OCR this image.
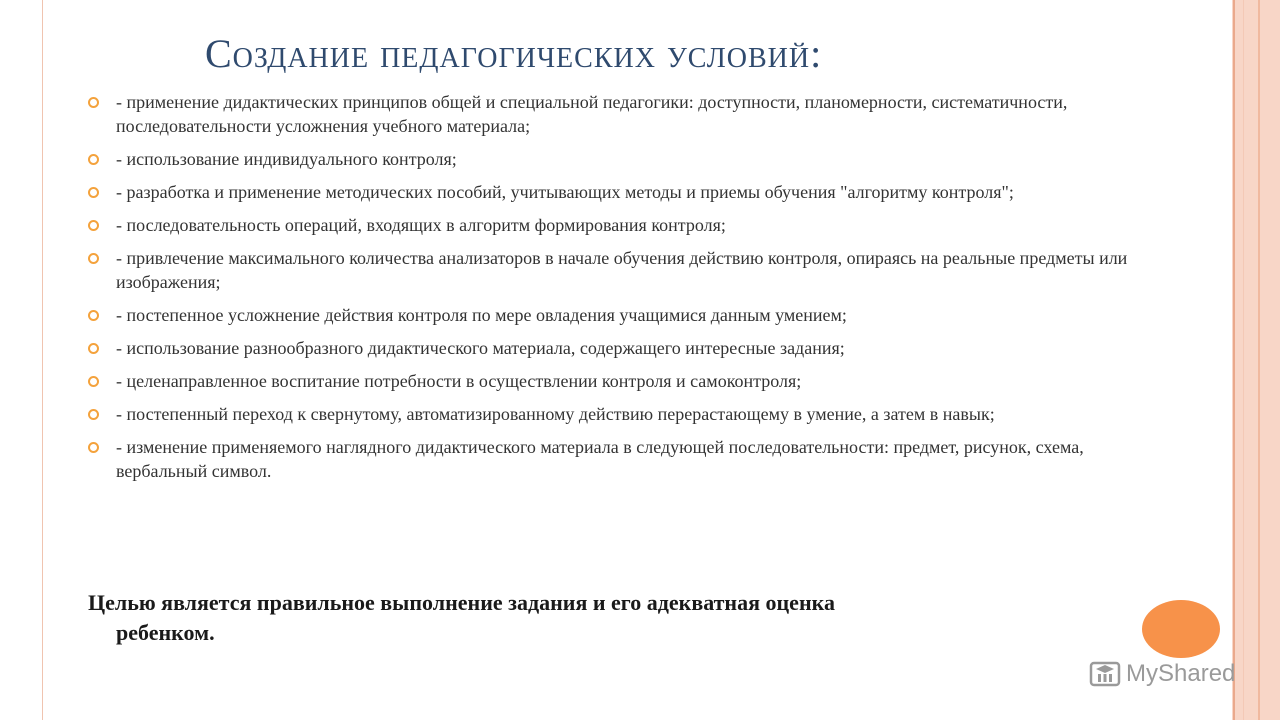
Создание педагогических условий:
- применение дидактических принципов общей и специальной педагогики: доступности, планомерности, систематичности, последовательности усложнения учебного материала;
- использование индивидуального контроля;
- разработка и применение методических пособий, учитывающих методы и приемы обучения "алгоритму контроля";
- последовательность операций, входящих в алгоритм формирования контроля;
- привлечение максимального количества анализаторов в начале обучения действию контроля, опираясь на реальные предметы или изображения;
- постепенное усложнение действия контроля по мере овладения учащимися данным умением;
- использование разнообразного дидактического материала, содержащего интересные задания;
- целенаправленное воспитание потребности в осуществлении контроля и самоконтроля;
- постепенный переход к свернутому, автоматизированному действию перерастающему в умение, а затем в навык;
- изменение применяемого наглядного дидактического материала в следующей последовательности: предмет, рисунок, схема, вербальный символ.
Целью является правильное выполнение задания и его адекватная оценка
ребенком.
MyShared
